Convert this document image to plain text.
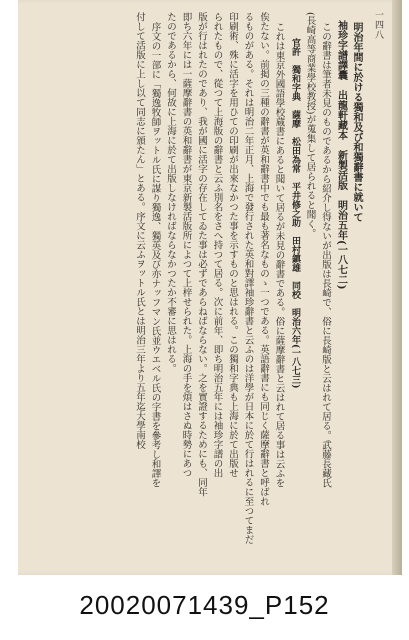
一四八

明治年間に於ける獨和及び和獨辭書に就いて

袖珍字譜譯囊　出龍軒藏本　新製活版　明治五年(一八七二)

この辭書は筆者未見のものであるから紹介し得ないが出版は長崎で、俗に長崎版と云はれて居る。武藤長藏氏

(長崎高等商業學校教授)が蒐集して居られると聞く。

官許　獨和字典　薩摩　松田為常　平井修之助　田村鎮雄　同校　明治六年(一八七三)

これは東京外國語學校蔵書にあると聞いて居るが未見の辭書である。俗に薩摩辭書と云はれて居る事は云ふを

俟たない。前掲の三種の辭書が英和辭書中でも最も著名なものゝ一つである。英語辭書にも同じく薩摩辭書と呼ばれ

るものがある。それは明治二年正月、上海で發行された英和對譯袖珍辭書と云ふのは洋學が日本に於て行はれるに至つてまだ

印刷術、殊に活字を用ひての印刷が出來なかつた事を示すものと思はれる。この獨和字典も上海に於て出版せ

られたもので、從つて上海版の辭書と云ふ別名をさへ持つて居る。次に前年、即ち明治五年には袖珍字譜の出

版が行はれたのであり、我が國に活字の存在してゐた事は必ずであらねばならない。之を實證するためにも、同年

即ち六年には一薩摩辭書の英和辭書が東京新製活版所によつて上梓せられた。上海の手を煩はさぬ時勢にあつ

たのであるから、何故に上海に於て出版しなければならなかつたか不審に思はれる。

序文の一部に「獨逸牧師ヲットル氏に謀り獨逸、獨英及び亦ナッフマン氏並ウエベル氏の字書を參考し和譯を

付して活版に上し以て同志に頒たん」とある。序文に云ふヲットル氏とは明治三年より五年迄大學南校

20020071439_P152
